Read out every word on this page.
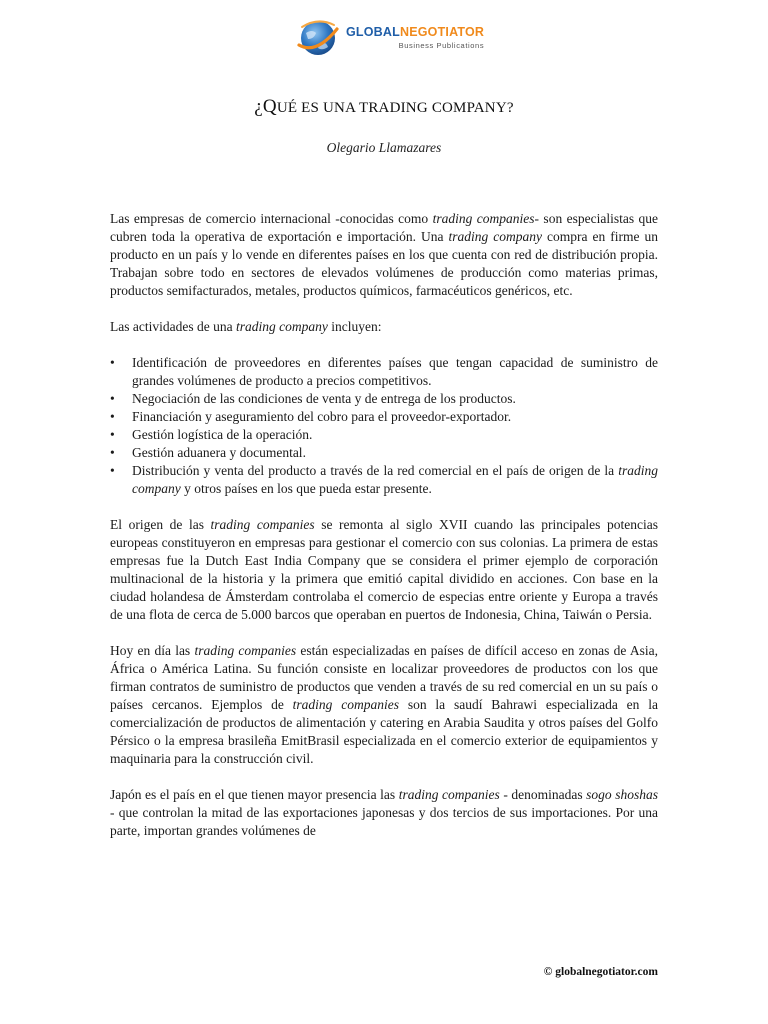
GLOBALNEGOTIATOR
Business Publications
¿QUÉ ES UNA TRADING COMPANY?
Olegario Llamazares

Las empresas de comercio internacional -conocidas como trading companies- son especialistas que cubren toda la operativa de exportación e importación. Una trading company compra en firme un producto en un país y lo vende en diferentes países en los que cuenta con red de distribución propia. Trabajan sobre todo en sectores de elevados volúmenes de producción como materias primas, productos semifacturados, metales, productos químicos, farmacéuticos genéricos, etc.

Las actividades de una trading company incluyen:

• Identificación de proveedores en diferentes países que tengan capacidad de suministro de grandes volúmenes de producto a precios competitivos.
• Negociación de las condiciones de venta y de entrega de los productos.
• Financiación y aseguramiento del cobro para el proveedor-exportador.
• Gestión logística de la operación.
• Gestión aduanera y documental.
• Distribución y venta del producto a través de la red comercial en el país de origen de la trading company y otros países en los que pueda estar presente.

El origen de las trading companies se remonta al siglo XVII cuando las principales potencias europeas constituyeron en empresas para gestionar el comercio con sus colonias. La primera de estas empresas fue la Dutch East India Company que se considera el primer ejemplo de corporación multinacional de la historia y la primera que emitió capital dividido en acciones. Con base en la ciudad holandesa de Ámsterdam controlaba el comercio de especias entre oriente y Europa a través de una flota de cerca de 5.000 barcos que operaban en puertos de Indonesia, China, Taiwán o Persia.

Hoy en día las trading companies están especializadas en países de difícil acceso en zonas de Asia, África o América Latina. Su función consiste en localizar proveedores de productos con los que firman contratos de suministro de productos que venden a través de su red comercial en un su país o países cercanos. Ejemplos de trading companies son la saudí Bahrawi especializada en la comercialización de productos de alimentación y catering en Arabia Saudita y otros países del Golfo Pérsico o la empresa brasileña EmitBrasil especializada en el comercio exterior de equipamientos y maquinaria para la construcción civil.

Japón es el país en el que tienen mayor presencia las trading companies - denominadas sogo shoshas - que controlan la mitad de las exportaciones japonesas y dos tercios de sus importaciones. Por una parte, importan grandes volúmenes de

© globalnegotiator.com
